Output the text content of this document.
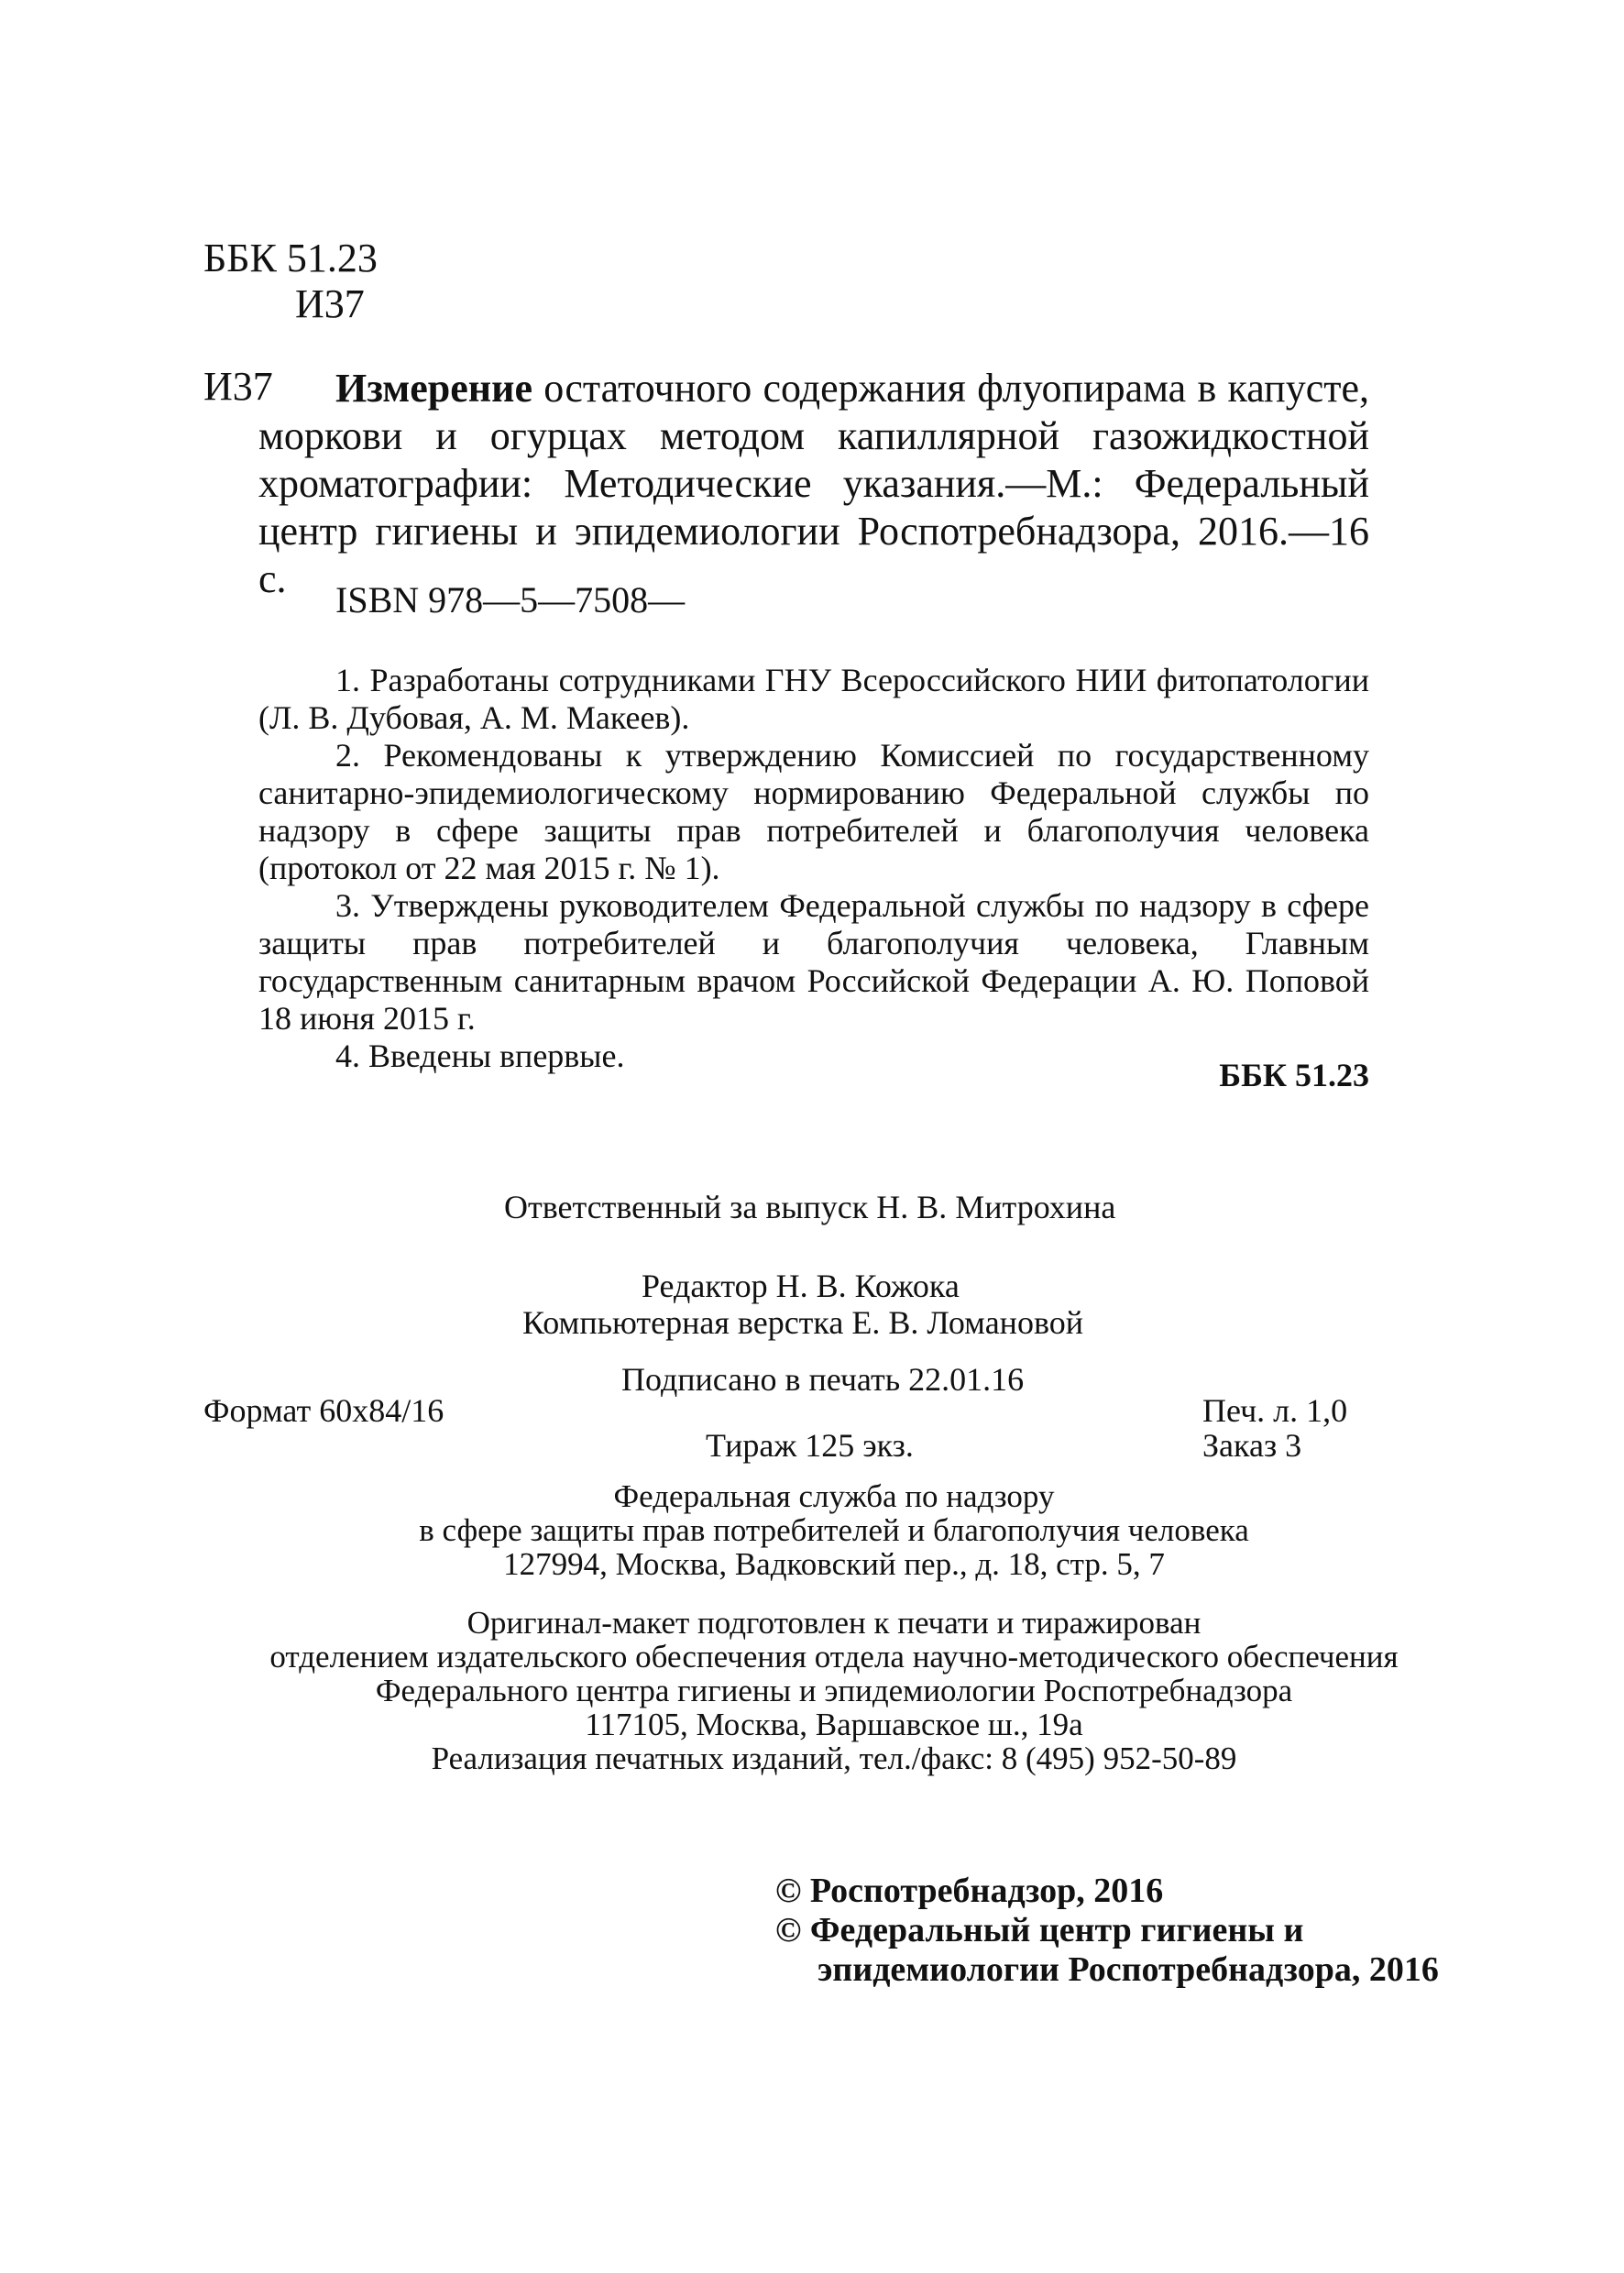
ББК 51.23
И37
И37	Измерение остаточного содержания флуопирама в капусте, моркови и огурцах методом капиллярной газожидкостной хроматографии: Методические указания.—М.: Федеральный центр гигиены и эпидемиологии Роспотребнадзора, 2016.—16 с.	ISBN 978—5—7508—

1. Разработаны сотрудниками ГНУ Всероссийского НИИ фитопатологии (Л. В. Дубовая, А. М. Макеев).

2. Рекомендованы к утверждению Комиссией по государственному санитарно-эпидемиологическому нормированию Федеральной службы по надзору в сфере защиты прав потребителей и благополучия человека (протокол от 22 мая 2015 г. № 1).

3. Утверждены руководителем Федеральной службы по надзору в сфере защиты прав потребителей и благополучия человека, Главным государственным санитарным врачом Российской Федерации А. Ю. Поповой 18 июня 2015 г.

4. Введены впервые.

ББК 51.23
Ответственный за выпуск Н. В. Митрохина
Редактор Н. В. Кожока
Компьютерная верстка Е. В. Ломановой
Подписано в печать 22.01.16
Формат 60x84/16	Печ. л. 1,0
Тираж 125 экз.	Заказ 3
Федеральная служба по надзору
в сфере защиты прав потребителей и благополучия человека
127994, Москва, Вадковский пер., д. 18, стр. 5, 7
Оригинал-макет подготовлен к печати и тиражирован
отделением издательского обеспечения отдела научно-методического обеспечения
Федерального центра гигиены и эпидемиологии Роспотребнадзора
117105, Москва, Варшавское ш., 19а
Реализация печатных изданий, тел./факс: 8 (495) 952-50-89
© Роспотребнадзор, 2016
© Федеральный центр гигиены и
эпидемиологии Роспотребнадзора, 2016
